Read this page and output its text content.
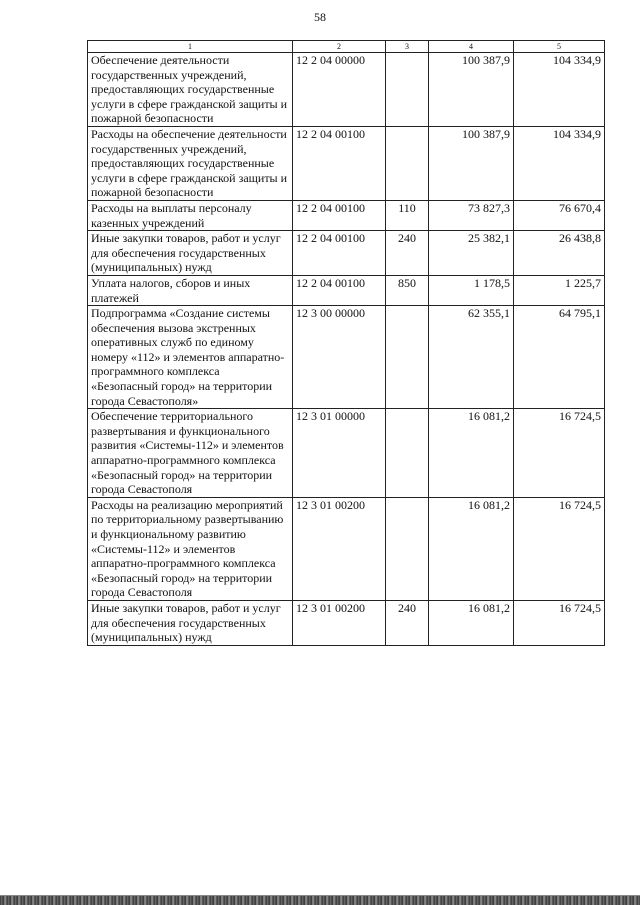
58
1	2	3	4	5
Обеспечение деятельности государственных учреждений, предоставляющих государственные услуги в сфере гражданской защиты и пожарной безопасности	12 2 04 00000		100 387,9	104 334,9
Расходы на обеспечение деятельности государственных учреждений, предоставляющих государственные услуги в сфере гражданской защиты и пожарной безопасности	12 2 04 00100		100 387,9	104 334,9
Расходы на выплаты персоналу казенных учреждений	12 2 04 00100	110	73 827,3	76 670,4
Иные закупки товаров, работ и услуг для обеспечения государственных (муниципальных) нужд	12 2 04 00100	240	25 382,1	26 438,8
Уплата налогов, сборов и иных платежей	12 2 04 00100	850	1 178,5	1 225,7
Подпрограмма «Создание системы обеспечения вызова экстренных оперативных служб по единому номеру «112» и элементов аппаратно-программного комплекса «Безопасный город» на территории города Севастополя»	12 3 00 00000		62 355,1	64 795,1
Обеспечение территориального развертывания и функционального развития «Системы-112» и элементов аппаратно-программного комплекса «Безопасный город» на территории города Севастополя	12 3 01 00000		16 081,2	16 724,5
Расходы на реализацию мероприятий по территориальному развертыванию и функциональному развитию «Системы-112» и элементов аппаратно-программного комплекса «Безопасный город» на территории города Севастополя	12 3 01 00200		16 081,2	16 724,5
Иные закупки товаров, работ и услуг для обеспечения государственных (муниципальных) нужд	12 3 01 00200	240	16 081,2	16 724,5
